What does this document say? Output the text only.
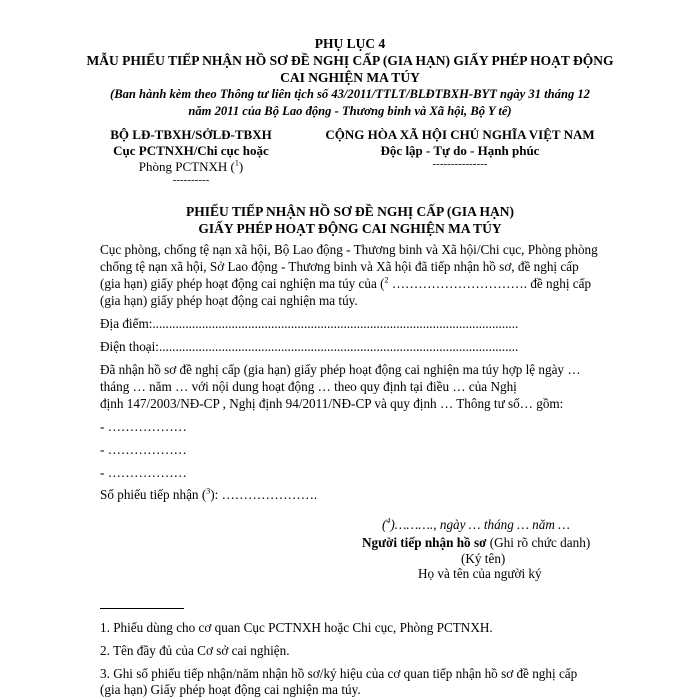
PHỤ LỤC 4
MẪU PHIẾU TIẾP NHẬN HỒ SƠ ĐỀ NGHỊ CẤP (GIA HẠN) GIẤY PHÉP HOẠT ĐỘNG
CAI NGHIỆN MA TÚY
(Ban hành kèm theo Thông tư liên tịch số 43/2011/TTLT/BLĐTBXH-BYT ngày 31 tháng 12
năm 2011 của Bộ Lao động - Thương binh và Xã hội, Bộ Y tế)
BỘ LĐ-TBXH/SỞLĐ-TBXH
Cục PCTNXH/Chi cục hoặc
Phòng PCTNXH ($^1$)
----------
CỘNG HÒA XÃ HỘI CHỦ NGHĨA VIỆT NAM
Độc lập - Tự do - Hạnh phúc
---------------
PHIẾU TIẾP NHẬN HỒ SƠ ĐỀ NGHỊ CẤP (GIA HẠN)
GIẤY PHÉP HOẠT ĐỘNG CAI NGHIỆN MA TÚY
Cục phòng, chống tệ nạn xã hội, Bộ Lao động - Thương binh và Xã hội/Chi cục, Phòng phòng
chống tệ nạn xã hội, Sở Lao động - Thương binh và Xã hội đã tiếp nhận hồ sơ, đề nghị cấp
(gia hạn) giấy phép hoạt động cai nghiện ma túy của ($^2$ …………………………. đề nghị cấp
(gia hạn) giấy phép hoạt động cai nghiện ma túy.
Địa điểm:...............................................................................................................
Điện thoại:.............................................................................................................
Đã nhận hồ sơ đề nghị cấp (gia hạn) giấy phép hoạt động cai nghiện ma túy hợp lệ ngày …
tháng … năm … với nội dung hoạt động … theo quy định tại điều … của Nghị
định 147/2003/NĐ-CP , Nghị định 94/2011/NĐ-CP và quy định … Thông tư số… gồm:
- ………………
- ………………
- ………………
Số phiếu tiếp nhận ($^3$): ………………….
($^4$)………., ngày … tháng … năm …
Người tiếp nhận hồ sơ (Ghi rõ chức danh)
(Ký tên)
Họ và tên của người ký
1. Phiếu dùng cho cơ quan Cục PCTNXH hoặc Chi cục, Phòng PCTNXH.
2. Tên đầy đủ của Cơ sở cai nghiện.
3. Ghi số phiếu tiếp nhận/năm nhận hồ sơ/ký hiệu của cơ quan tiếp nhận hồ sơ đề nghị cấp
(gia hạn) Giấy phép hoạt động cai nghiện ma túy.
